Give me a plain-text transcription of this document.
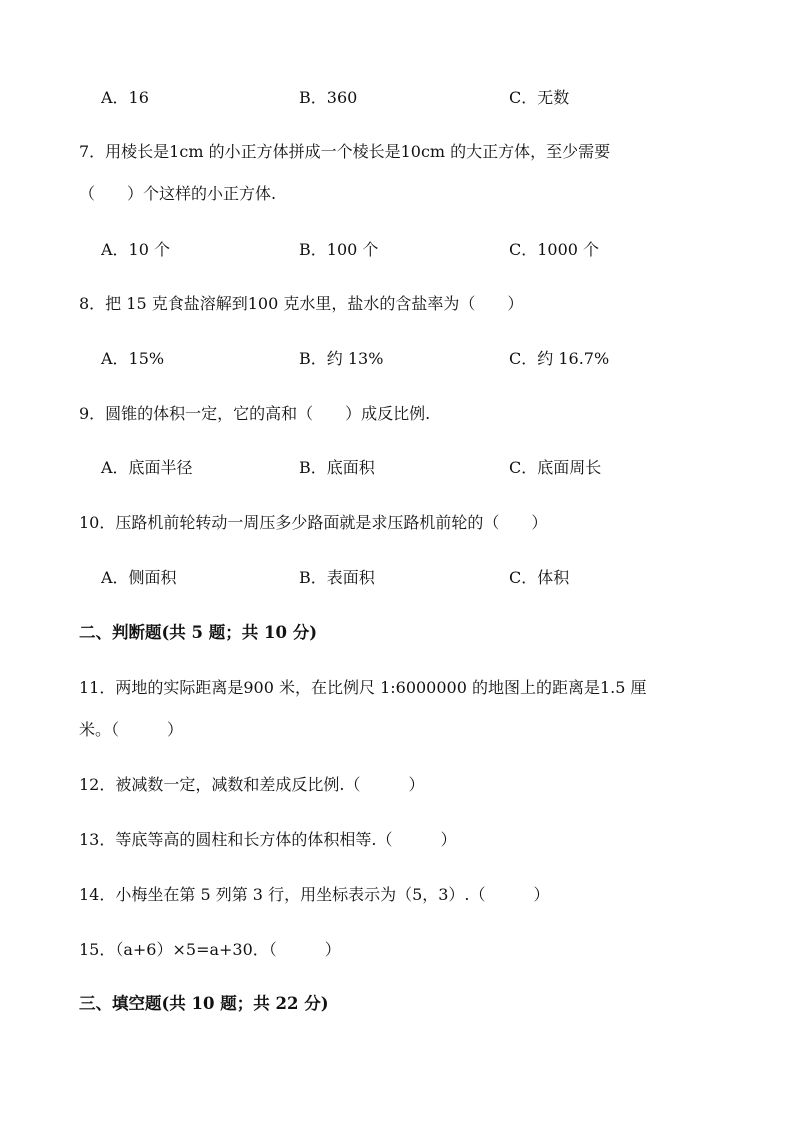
A．16	B．360	C．无数
7．用棱长是1cm 的小正方体拼成一个棱长是10cm 的大正方体，至少需要
（　　）个这样的小正方体.
A．10 个	B．100 个	C．1000 个
8．把 15 克食盐溶解到100 克水里，盐水的含盐率为（　　）
A．15%	B．约 13%	C．约 16.7%
9．圆锥的体积一定，它的高和（　　）成反比例.
A．底面半径	B．底面积	C．底面周长
10．压路机前轮转动一周压多少路面就是求压路机前轮的（　　）
A．侧面积	B．表面积	C．体积
二、判断题(共 5 题；共 10 分)
11．两地的实际距离是900 米，在比例尺 1:6000000 的地图上的距离是1.5 厘
米。（　　　）
12．被减数一定，减数和差成反比例.（　　　）
13．等底等高的圆柱和长方体的体积相等.（　　　）
14．小梅坐在第 5 列第 3 行，用坐标表示为（5，3）.（　　　）
15．（a+6）×5=a+30．（　　　）
三、填空题(共 10 题；共 22 分)
